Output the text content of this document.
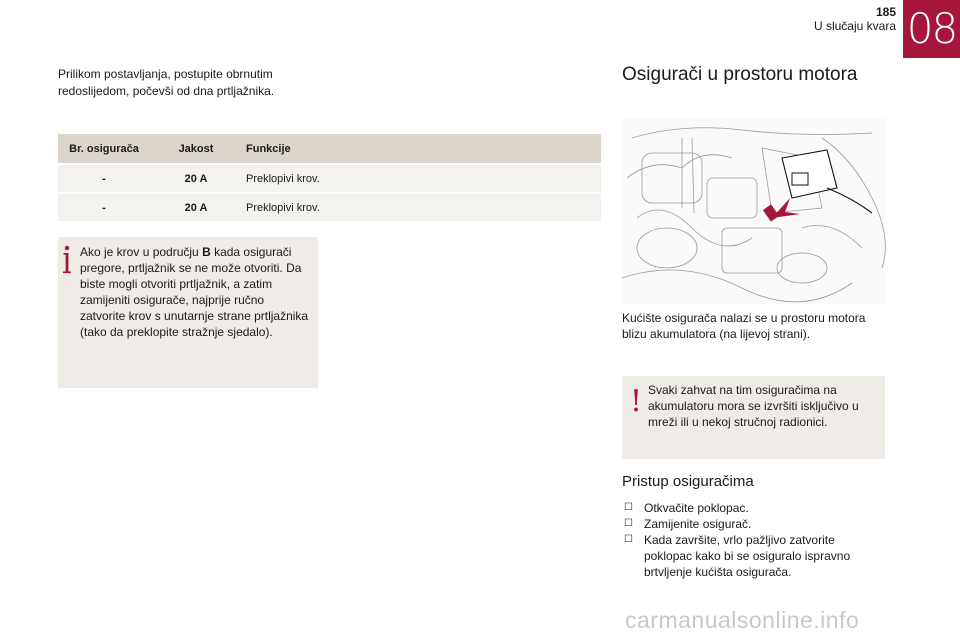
185
U slučaju kvara 08
Prilikom postavljanja, postupite obrnutim redoslijedom, počevši od dna prtljažnika.
Br. osigurača	Jakost	Funkcije
-	20 A	Preklopivi krov.
-	20 A	Preklopivi krov.
Ako je krov u području B kada osigurači pregore, prtljažnik se ne može otvoriti. Da biste mogli otvoriti prtljažnik, a zatim zamijeniti osigurače, najprije ručno zatvorite krov s unutarnje strane prtljažnika (tako da preklopite stražnje sjedalo).
Osigurači u prostoru motora
Kućište osigurača nalazi se u prostoru motora blizu akumulatora (na lijevoj strani).
! Svaki zahvat na tim osiguračima na akumulatoru mora se izvršiti isključivo u mreži ili u nekoj stručnoj radionici.
Pristup osiguračima
☐ Otkvačite poklopac.
☐ Zamijenite osigurač.
☐ Kada završite, vrlo pažljivo zatvorite poklopac kako bi se osiguralo ispravno brtvljenje kućišta osigurača.
carmanualsonline.info
